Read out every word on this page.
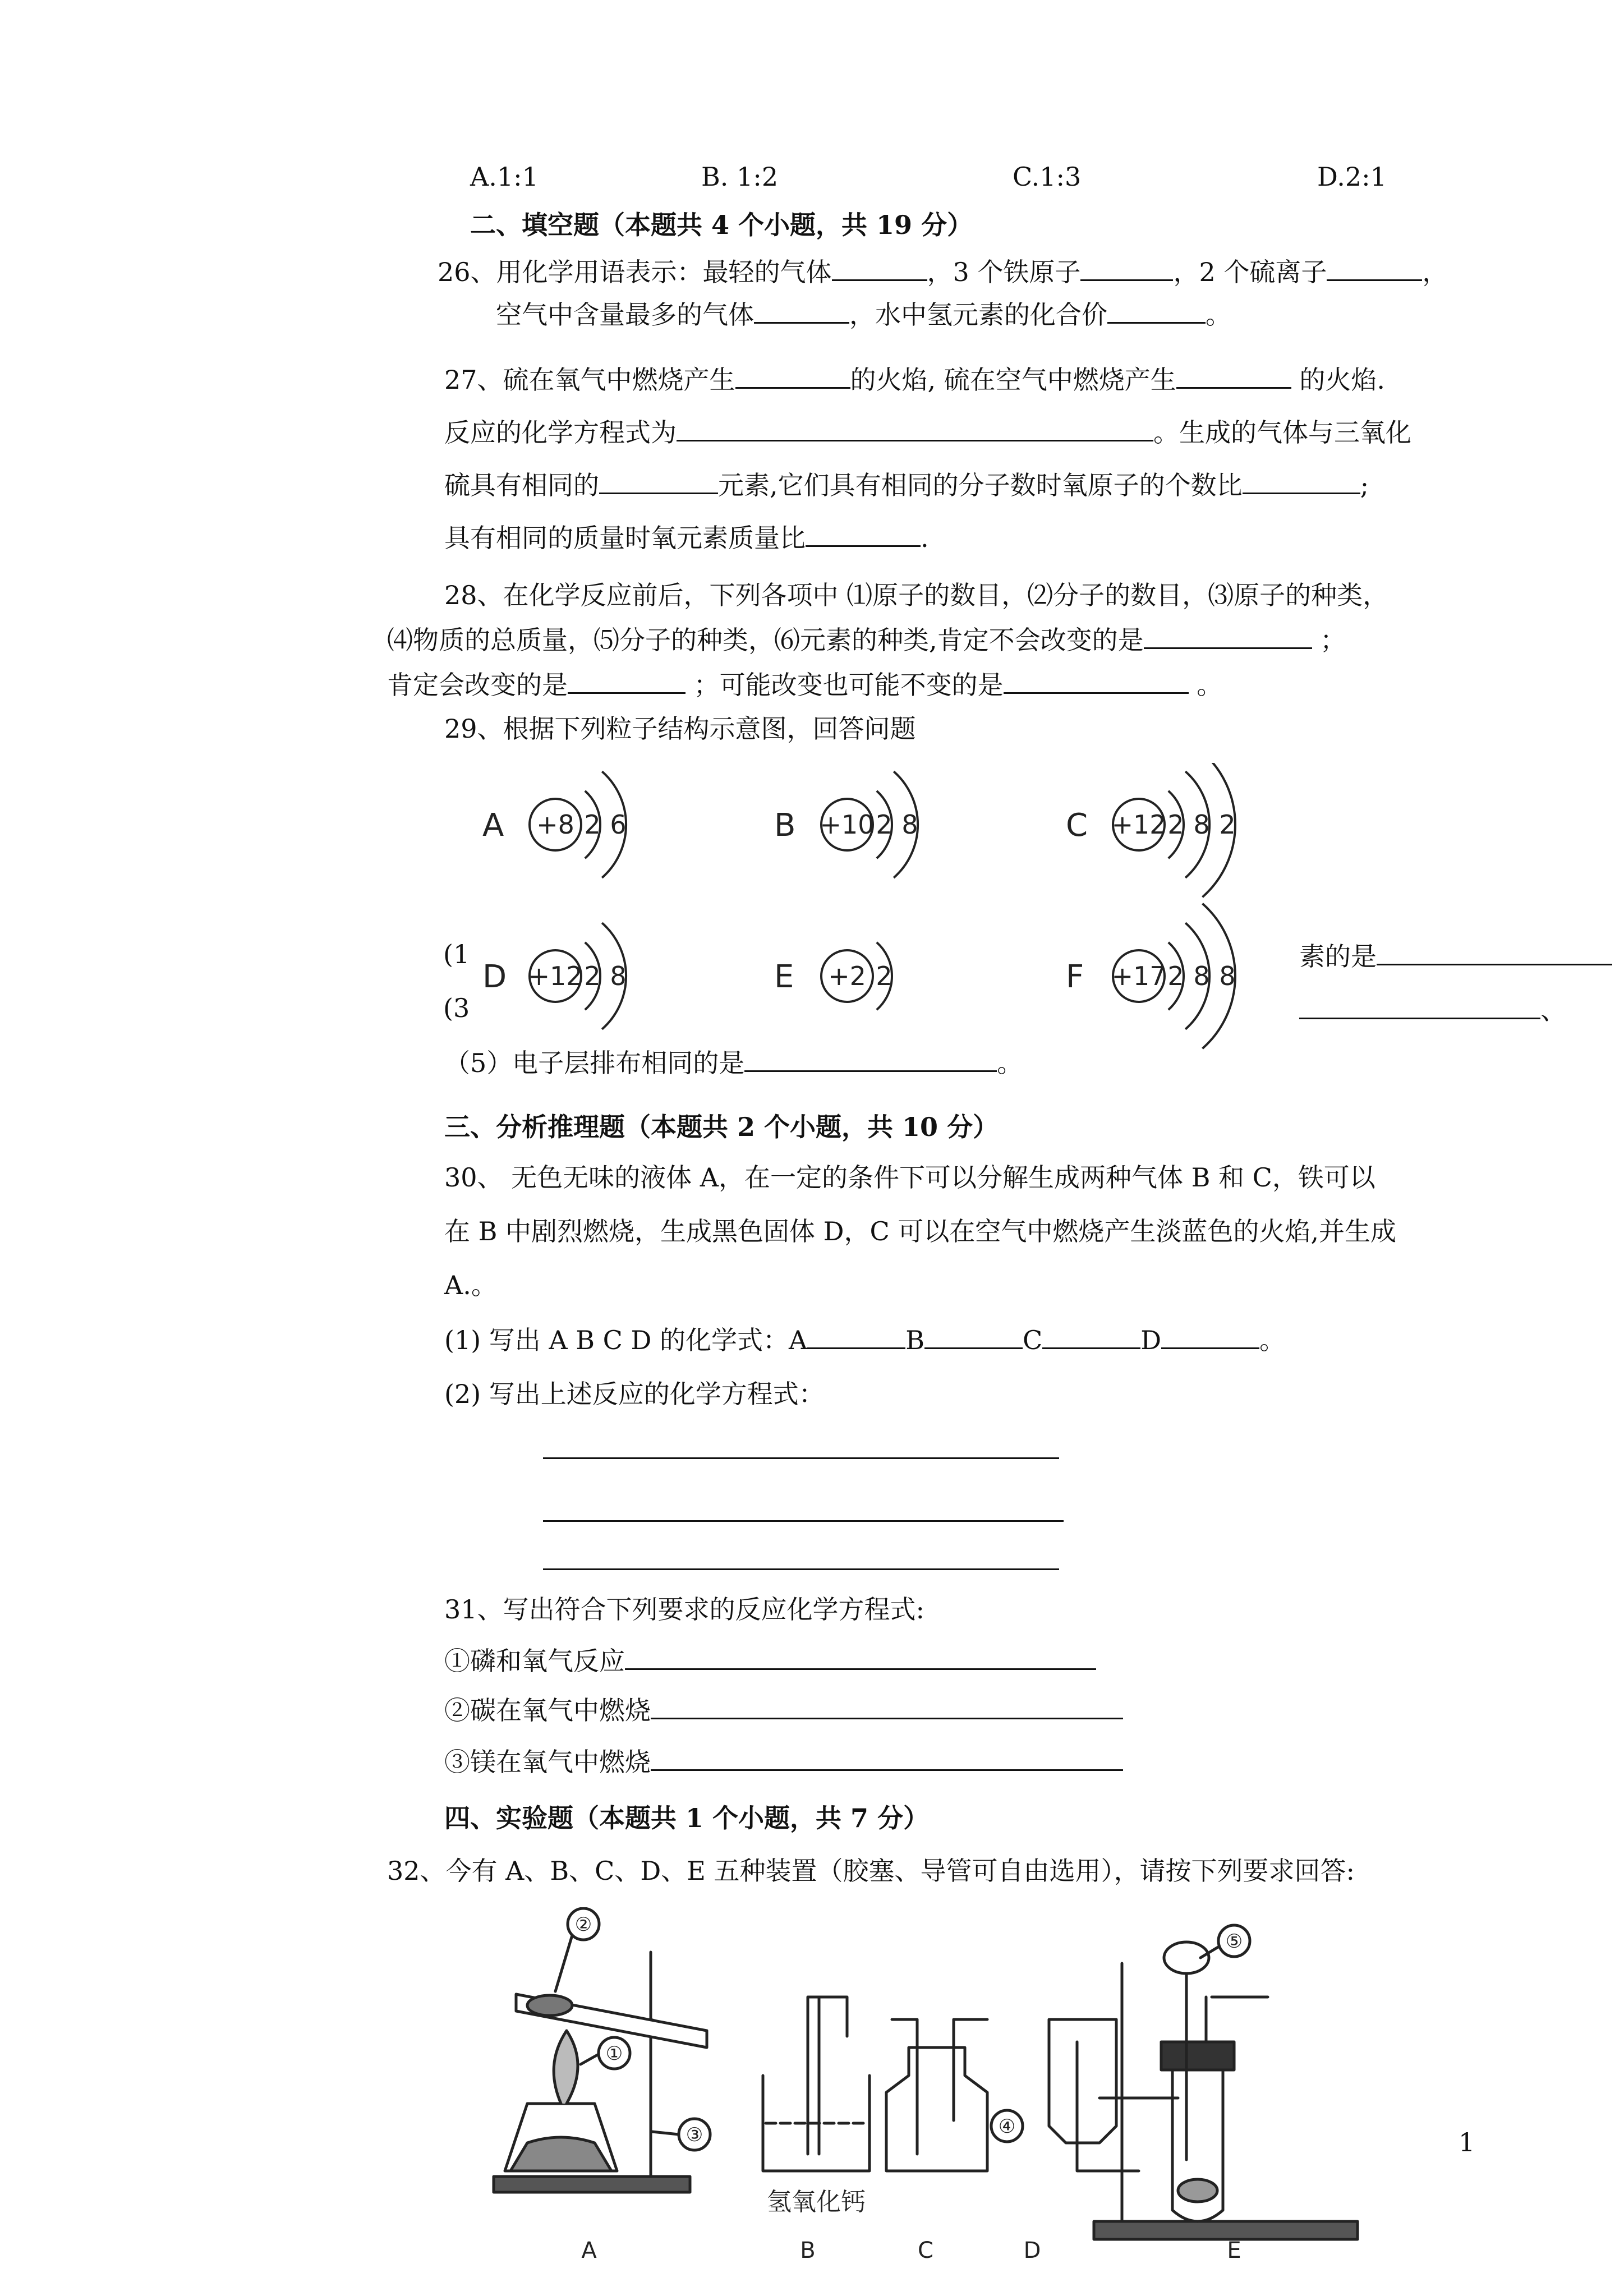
A.1:1	B. 1:2	C.1:3	D.2:1
二、填空题（本题共 4 个小题，共 19 分）
26、用化学用语表示：最轻的气体	，3 个铁原子	，2 个硫离子	，
空气中含量最多的气体	，水中氢元素的化合价	。
27、硫在氧气中燃烧产生	的火焰, 硫在空气中燃烧产生	的火焰.
反应的化学方程式为	。生成的气体与三氧化
硫具有相同的	元素,它们具有相同的分子数时氧原子的个数比	;
具有相同的质量时氧元素质量比	.
28、在化学反应前后，下列各项中 ⑴原子的数目，⑵分子的数目，⑶原子的种类，
⑷物质的总质量，⑸分子的种类，⑹元素的种类,肯定不会改变的是	；
肯定会改变的是	；可能改变也可能不变的是	。
29、根据下列粒子结构示意图，回答问题
A +8 2 6	B +10 2 8	C +12 2 8 2
D +12 2 8	E +2 2	F +17 2 8 8
(1
(3
素的是
、
（5）电子层排布相同的是	。
三、分析推理题（本题共 2 个小题，共 10 分）
30、 无色无味的液体 A，在一定的条件下可以分解生成两种气体 B 和 C，铁可以
在 B 中剧烈燃烧，生成黑色固体 D，C 可以在空气中燃烧产生淡蓝色的火焰,并生成
A.。
(1) 写出 A B C D 的化学式：A	B	C	D	。
(2) 写出上述反应的化学方程式：
31、写出符合下列要求的反应化学方程式:
①磷和氧气反应
②碳在氧气中燃烧
③镁在氧气中燃烧
四、实验题（本题共 1 个小题，共 7 分）
32、今有 A、B、C、D、E 五种装置（胶塞、导管可自由选用），请按下列要求回答:
①
②
③	④
⑤
氢氧化钙
A	B	C	D	E
1
